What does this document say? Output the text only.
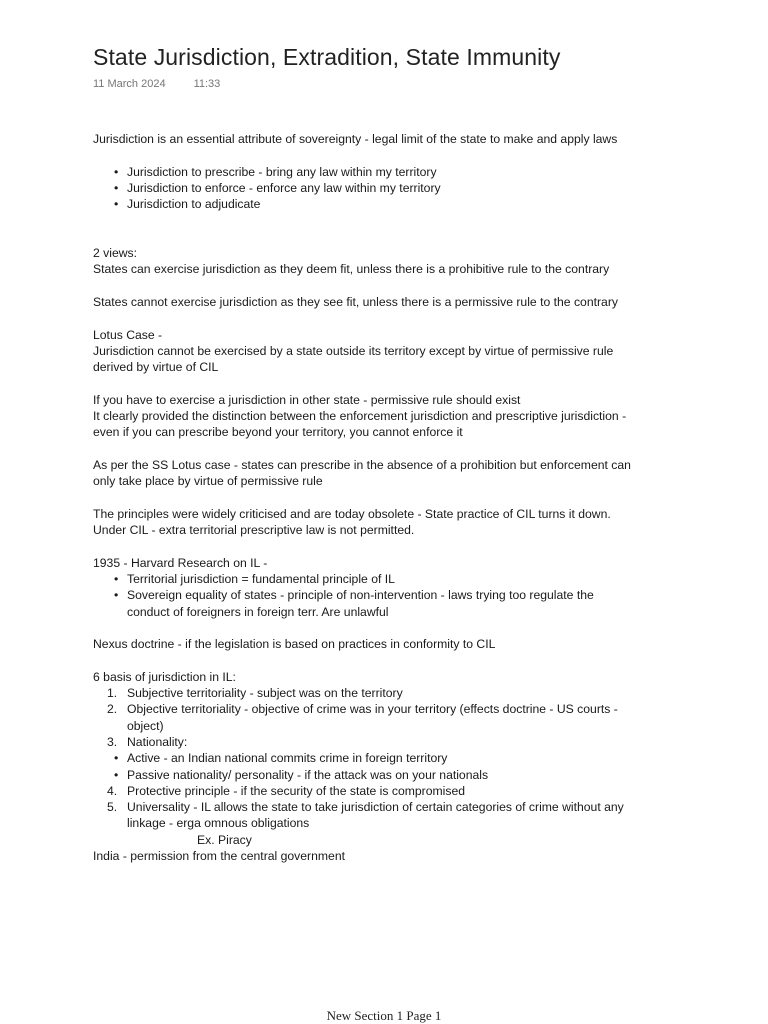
State Jurisdiction, Extradition, State Immunity
11 March 2024	11:33

Jurisdiction is an essential attribute of sovereignty - legal limit of the state to make and apply laws

• Jurisdiction to prescribe - bring any law within my territory
• Jurisdiction to enforce - enforce any law within my territory
• Jurisdiction to adjudicate

2 views:

States can exercise jurisdiction as they deem fit, unless there is a prohibitive rule to the contrary

States cannot exercise jurisdiction as they see fit, unless there is a permissive rule to the contrary

Lotus Case -

Jurisdiction cannot be exercised by a state outside its territory except by virtue of permissive rule derived by virtue of CIL

If you have to exercise a jurisdiction in other state - permissive rule should exist

It clearly provided the distinction between the enforcement jurisdiction and prescriptive jurisdiction - even if you can prescribe beyond your territory, you cannot enforce it

As per the SS Lotus case - states can prescribe in the absence of a prohibition but enforcement can only take place by virtue of permissive rule

The principles were widely criticised and are today obsolete - State practice of CIL turns it down.

Under CIL - extra territorial prescriptive law is not permitted.

1935 - Harvard Research on IL -

• Territorial jurisdiction = fundamental principle of IL
• Sovereign equality of states - principle of non-intervention - laws trying too regulate the conduct of foreigners in foreign terr. Are unlawful

Nexus doctrine - if the legislation is based on practices in conformity to CIL

6 basis of jurisdiction in IL:

1. Subjective territoriality - subject was on the territory
2. Objective territoriality - objective of crime was in your territory (effects doctrine - US courts - object)
3. Nationality:
• Active - an Indian national commits crime in foreign territory
• Passive nationality/ personality - if the attack was on your nationals
4. Protective principle - if the security of the state is compromised
5. Universality - IL allows the state to take jurisdiction of certain categories of crime without any linkage - erga omnous obligations

Ex. Piracy

India - permission from the central government

New Section 1 Page 1
